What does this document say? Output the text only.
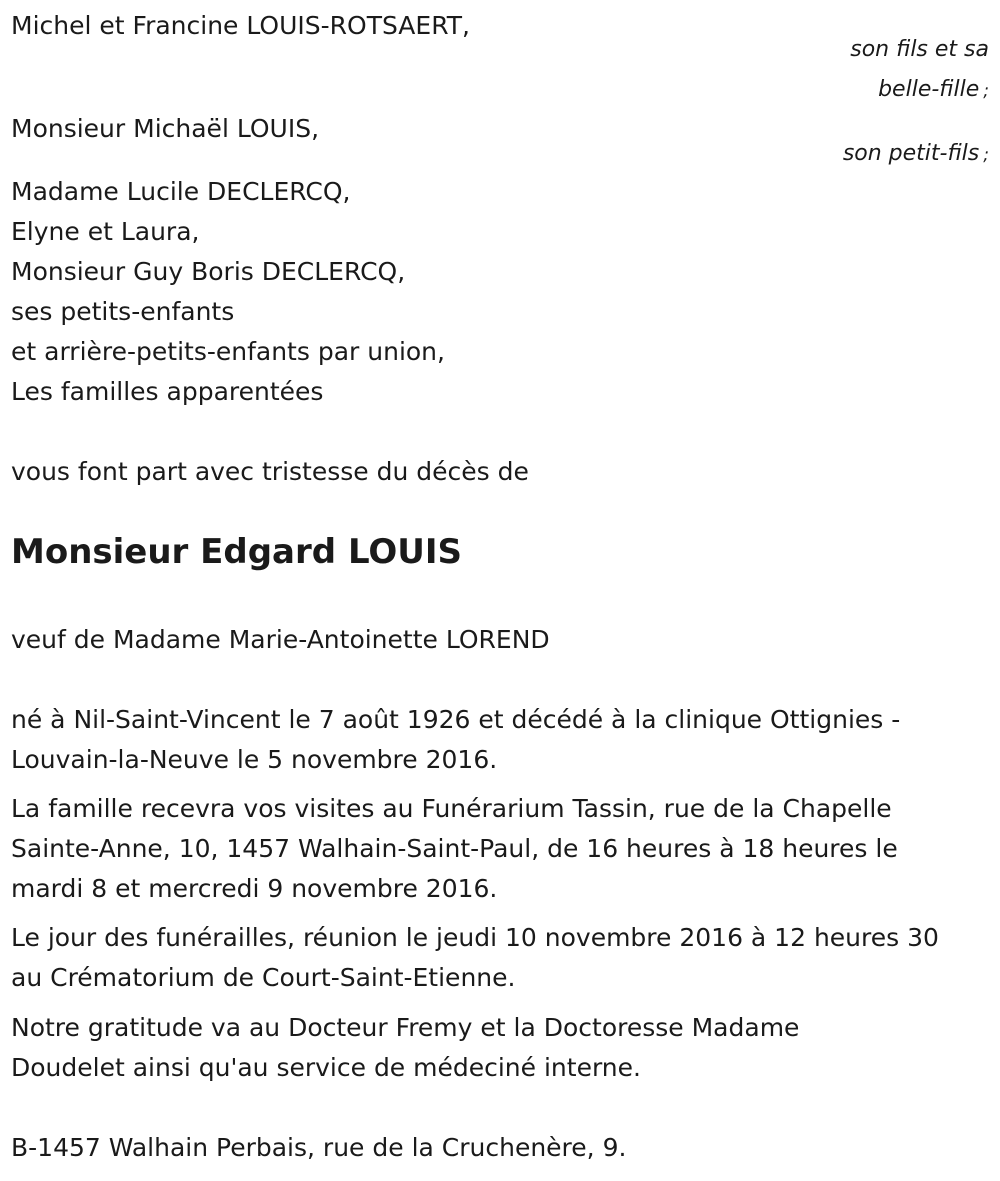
Michel et Francine LOUIS-ROTSAERT,
son fils et sa
belle-fille ;
Monsieur Michaël LOUIS,
son petit-fils ;
Madame Lucile DECLERCQ,
Elyne et Laura,
Monsieur Guy Boris DECLERCQ,
ses petits-enfants
et arrière-petits-enfants par union,
Les familles apparentées
vous font part avec tristesse du décès de
Monsieur Edgard LOUIS
veuf de Madame Marie-Antoinette LOREND
né à Nil-Saint-Vincent le 7 août 1926 et décédé à la clinique Ottignies -
Louvain-la-Neuve le 5 novembre 2016.
La famille recevra vos visites au Funérarium Tassin, rue de la Chapelle
Sainte-Anne, 10, 1457 Walhain-Saint-Paul, de 16 heures à 18 heures le
mardi 8 et mercredi 9 novembre 2016.
Le jour des funérailles, réunion le jeudi 10 novembre 2016 à 12 heures 30
au Crématorium de Court-Saint-Etienne.
Notre gratitude va au Docteur Fremy et la Doctoresse Madame
Doudelet ainsi qu'au service de médeciné interne.
B-1457 Walhain Perbais, rue de la Cruchenère, 9.
